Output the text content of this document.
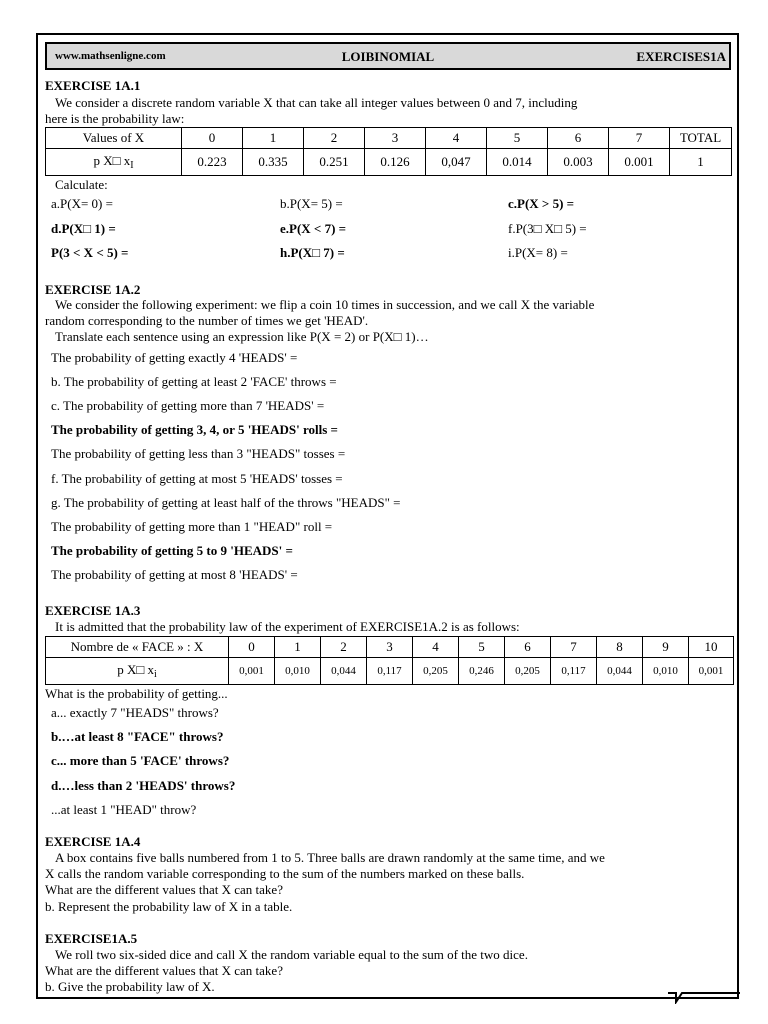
www.mathsenligne.com	LOIBINOMIAL	EXERCISES1A
EXERCISE 1A.1
We consider a discrete random variable X that can take all integer values between 0 and 7, including
here is the probability law:
Values of X	0	1	2	3	4	5	6	7	TOTAL
p X□ $x_I$	0.223	0.335	0.251	0.126	0,047	0.014	0.003	0.001	1
Calculate:
a.P(X= 0) =	b.P(X= 5) =	c.P(X > 5) =
d.P(X□ 1) =	e.P(X < 7) =	f.P(3□ X□ 5) =
P(3 < X < 5) =	h.P(X□ 7) =	i.P(X= 8) =
EXERCISE 1A.2
We consider the following experiment: we flip a coin 10 times in succession, and we call X the variable
random corresponding to the number of times we get 'HEAD'.
Translate each sentence using an expression like P(X = 2) or P(X□ 1)…
The probability of getting exactly 4 'HEADS' =
b. The probability of getting at least 2 'FACE' throws =
c. The probability of getting more than 7 'HEADS' =
The probability of getting 3, 4, or 5 'HEADS' rolls =
The probability of getting less than 3 "HEADS" tosses =
f. The probability of getting at most 5 'HEADS' tosses =
g. The probability of getting at least half of the throws "HEADS" =
The probability of getting more than 1 "HEAD" roll =
The probability of getting 5 to 9 'HEADS' =
The probability of getting at most 8 'HEADS' =
EXERCISE 1A.3
It is admitted that the probability law of the experiment of EXERCISE1A.2 is as follows:
Nombre de « FACE » : X	0	1	2	3	4	5	6	7	8	9	10
p X□ $x_i$	0,001	0,010	0,044	0,117	0,205	0,246	0,205	0,117	0,044	0,010	0,001
What is the probability of getting...
a... exactly 7 "HEADS" throws?
b.…at least 8 "FACE" throws?
c... more than 5 'FACE' throws?
d.…less than 2 'HEADS' throws?
...at least 1 "HEAD" throw?
EXERCISE 1A.4
A box contains five balls numbered from 1 to 5. Three balls are drawn randomly at the same time, and we
X calls the random variable corresponding to the sum of the numbers marked on these balls.
What are the different values that X can take?
b. Represent the probability law of X in a table.
EXERCISE1A.5
We roll two six-sided dice and call X the random variable equal to the sum of the two dice.
What are the different values that X can take?
b. Give the probability law of X.
